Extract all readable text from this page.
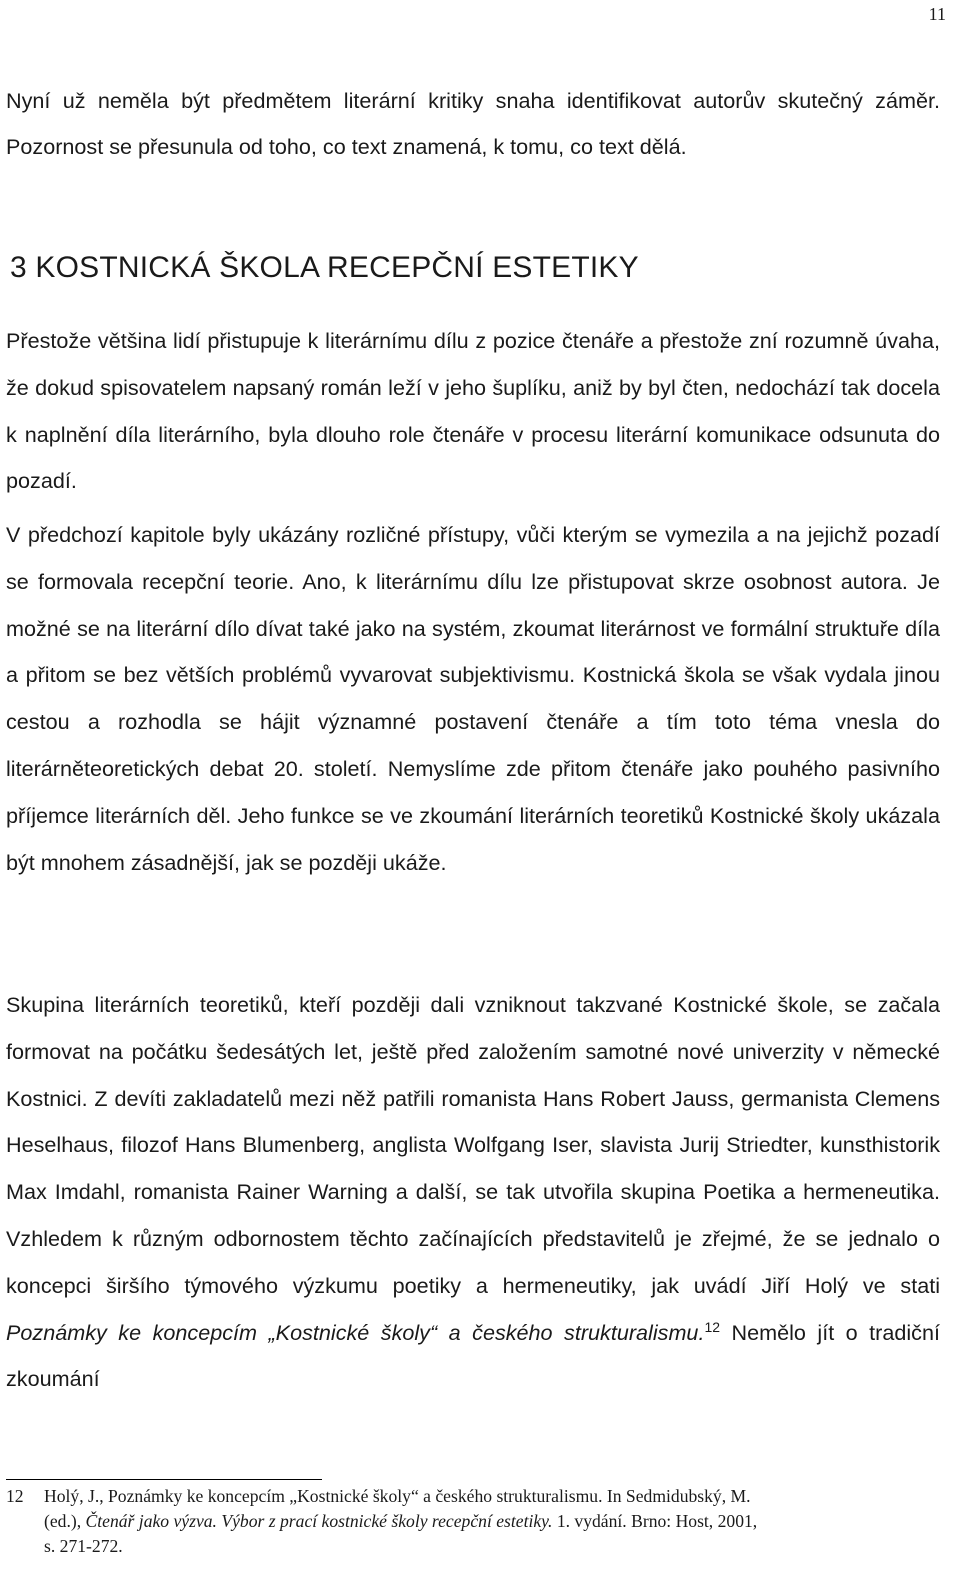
11

Nyní už neměla být předmětem literární kritiky snaha identifikovat autorův skutečný záměr. Pozornost se přesunula od toho, co text znamená, k tomu, co text dělá.

3 KOSTNICKÁ ŠKOLA RECEPČNÍ ESTETIKY

Přestože většina lidí přistupuje k literárnímu dílu z pozice čtenáře a přestože zní rozumně úvaha, že dokud spisovatelem napsaný román leží v jeho šuplíku, aniž by byl čten, nedochází tak docela k naplnění díla literárního, byla dlouho role čtenáře v procesu literární komunikace odsunuta do pozadí.

V předchozí kapitole byly ukázány rozličné přístupy, vůči kterým se vymezila a na jejichž pozadí se formovala recepční teorie. Ano, k literárnímu dílu lze přistupovat skrze osobnost autora. Je možné se na literární dílo dívat také jako na systém, zkoumat literárnost ve formální struktuře díla a přitom se bez větších problémů vyvarovat subjektivismu. Kostnická škola se však vydala jinou cestou a rozhodla se hájit významné postavení čtenáře a tím toto téma vnesla do literárněteoretických debat 20. století. Nemyslíme zde přitom čtenáře jako pouhého pasivního příjemce literárních děl. Jeho funkce se ve zkoumání literárních teoretiků Kostnické školy ukázala být mnohem zásadnější, jak se později ukáže.

Skupina literárních teoretiků, kteří později dali vzniknout takzvané Kostnické škole, se začala formovat na počátku šedesátých let, ještě před založením samotné nové univerzity v německé Kostnici. Z devíti zakladatelů mezi něž patřili romanista Hans Robert Jauss, germanista Clemens Heselhaus, filozof Hans Blumenberg, anglista Wolfgang Iser, slavista Jurij Striedter, kunsthistorik Max Imdahl, romanista Rainer Warning a další, se tak utvořila skupina Poetika a hermeneutika. Vzhledem k různým odbornostem těchto začínajících představitelů je zřejmé, že se jednalo o koncepci širšího týmového výzkumu poetiky a hermeneutiky, jak uvádí Jiří Holý ve stati Poznámky ke koncepcím „Kostnické školy“ a českého strukturalismu.$^{12}$ Nemělo jít o tradiční zkoumání

12 Holý, J., Poznámky ke koncepcím „Kostnické školy“ a českého strukturalismu. In Sedmidubský, M.
(ed.), Čtenář jako výzva. Výbor z prací kostnické školy recepční estetiky. 1. vydání. Brno: Host, 2001,
s. 271-272.
